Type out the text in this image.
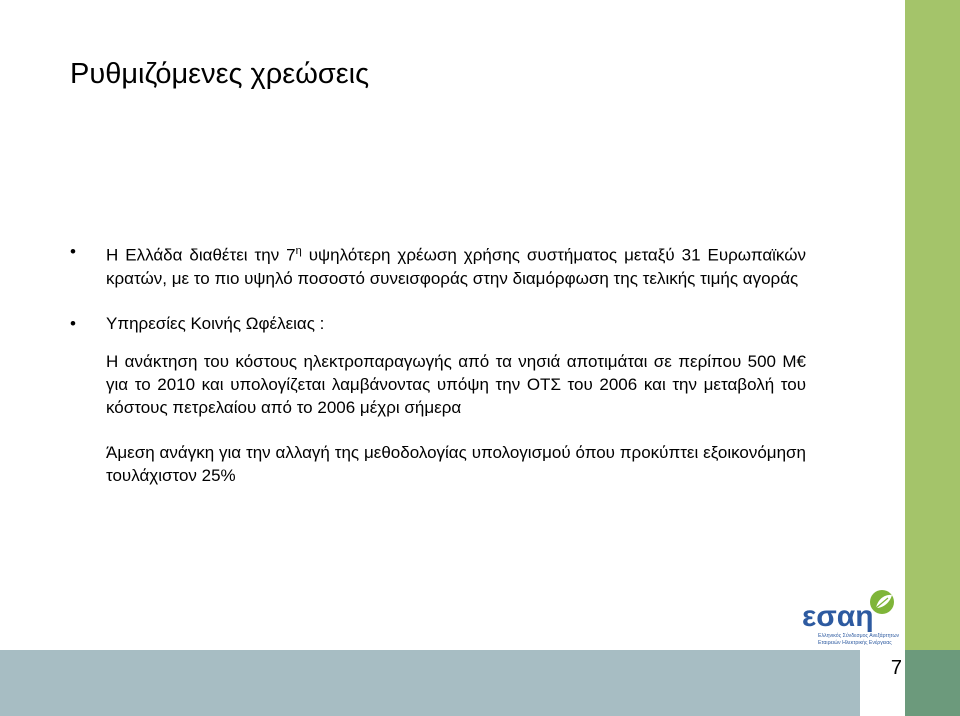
7
Ρυθμιζόμενες χρεώσεις
•	Η Ελλάδα διαθέτει την $7^\eta$ υψηλότερη χρέωση χρήσης συστήματος μεταξύ 31 Ευρωπαϊκών κρατών, με το πιο υψηλό ποσοστό συνεισφοράς στην διαμόρφωση της τελικής τιμής αγοράς
•	Υπηρεσίες Κοινής Ωφέλειας :
Η ανάκτηση του κόστους ηλεκτροπαραγωγής από τα νησιά αποτιμάται σε περίπου 500 Μ€ για το 2010 και υπολογίζεται λαμβάνοντας υπόψη την ΟΤΣ του 2006 και την μεταβολή του κόστους πετρελαίου από το 2006 μέχρι σήμερα
Άμεση ανάγκη για την αλλαγή της μεθοδολογίας υπολογισμού όπου προκύπτει εξοικονόμηση τουλάχιστον 25%
εσαη
Ελληνικός Σύνδεσμος Ανεξάρτητων
Εταιρειών Ηλεκτρικής Ενέργειας
